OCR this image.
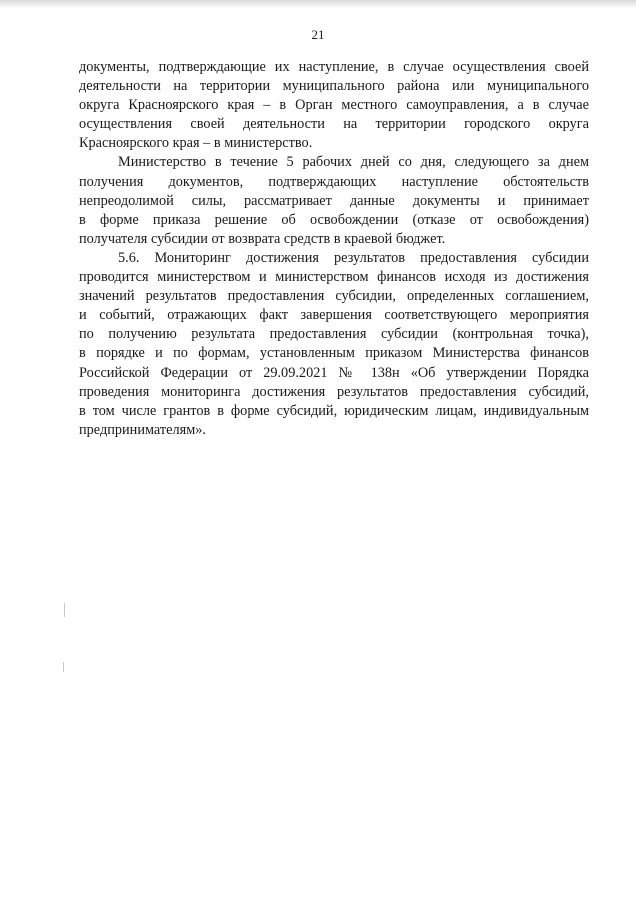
21
документы, подтверждающие их наступление, в случае осуществления своей
деятельности на территории муниципального района или муниципального
округа Красноярского края – в Орган местного самоуправления, а в случае
осуществления своей деятельности на территории городского округа
Красноярского края – в министерство.
Министерство в течение 5 рабочих дней со дня, следующего за днем
получения документов, подтверждающих наступление обстоятельств
непреодолимой силы, рассматривает данные документы и принимает
в форме приказа решение об освобождении (отказе от освобождения)
получателя субсидии от возврата средств в краевой бюджет.
5.6. Мониторинг достижения результатов предоставления субсидии
проводится министерством и министерством финансов исходя из достижения
значений результатов предоставления субсидии, определенных соглашением,
и событий, отражающих факт завершения соответствующего мероприятия
по получению результата предоставления субсидии (контрольная точка),
в порядке и по формам, установленным приказом Министерства финансов
Российской Федерации от 29.09.2021 № 138н «Об утверждении Порядка
проведения мониторинга достижения результатов предоставления субсидий,
в том числе грантов в форме субсидий, юридическим лицам, индивидуальным
предпринимателям».
